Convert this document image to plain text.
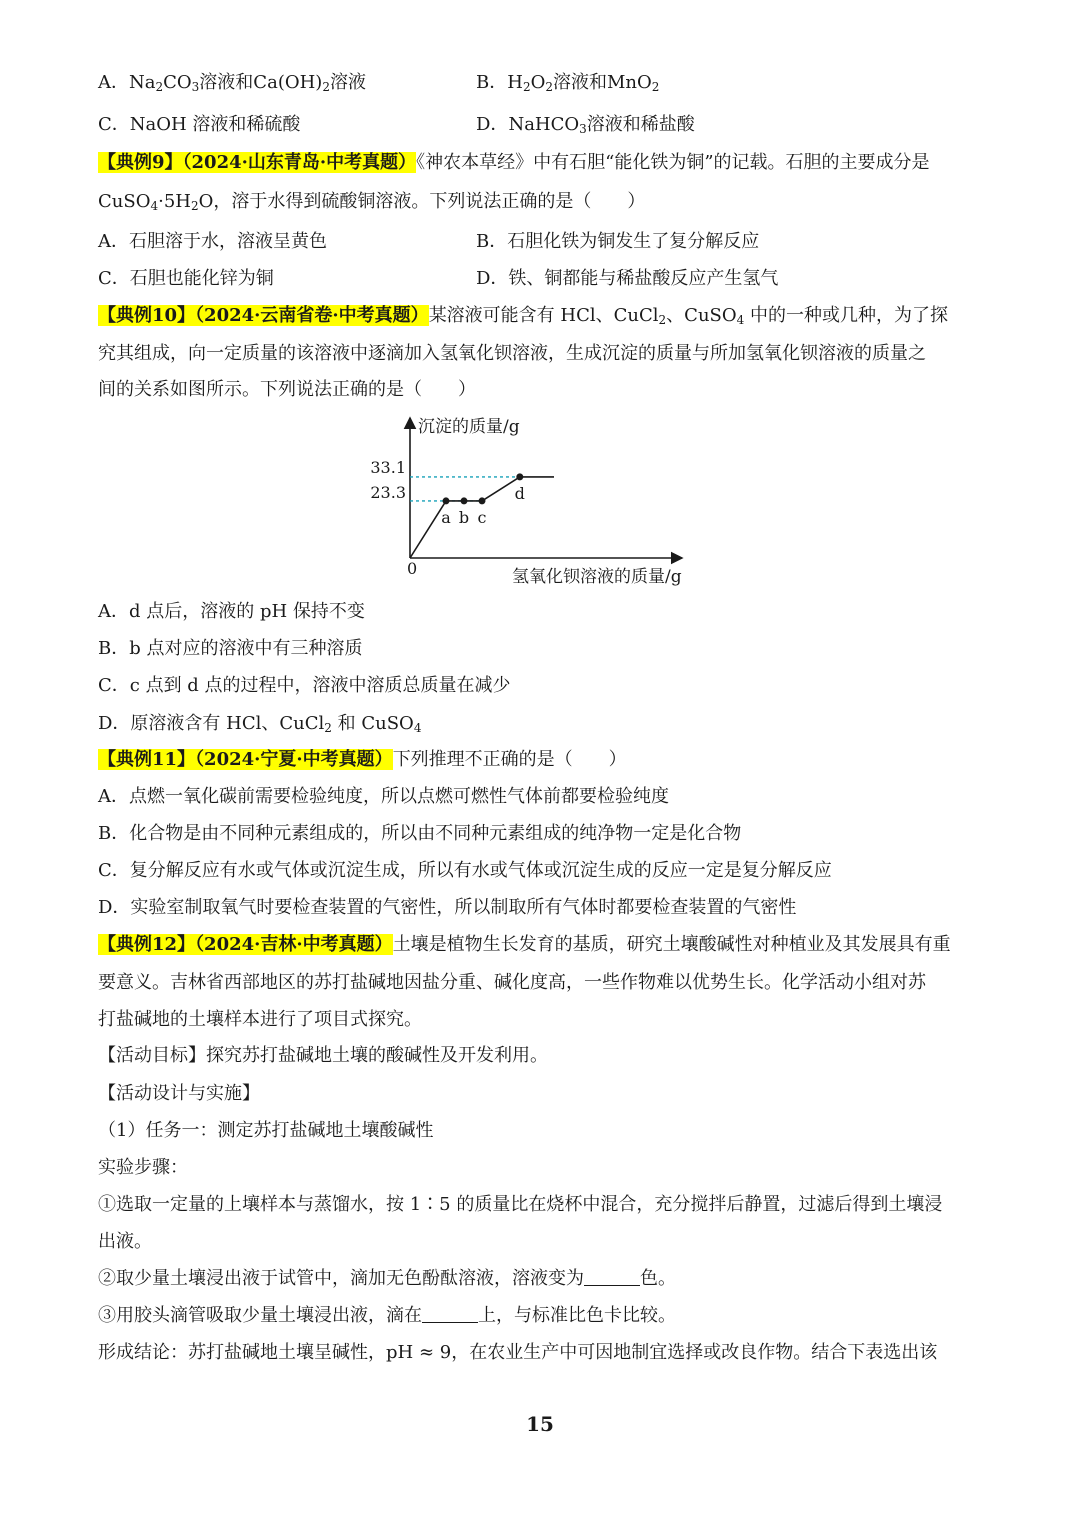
A．$Na_2CO_3$溶液和$Ca(OH)_2$溶液	B．$H_2O_2$溶液和MnO$_2$
C．NaOH 溶液和稀硫酸	D．NaHCO$_3$溶液和稀盐酸
【典例9】（2024·山东青岛·中考真题）《神农本草经》中有石胆“能化铁为铜”的记载。石胆的主要成分是
$CuSO_4\cdot 5H_2O$，溶于水得到硫酸铜溶液。下列说法正确的是（　　）
A．石胆溶于水，溶液呈黄色	B．石胆化铁为铜发生了复分解反应
C．石胆也能化锌为铜	D．铁、铜都能与稀盐酸反应产生氢气
【典例10】（2024·云南省卷·中考真题）某溶液可能含有 HCl、CuCl$_2$、CuSO$_4$ 中的一种或几种，为了探
究其组成，向一定质量的该溶液中逐滴加入氢氧化钡溶液，生成沉淀的质量与所加氢氧化钡溶液的质量之
间的关系如图所示。下列说法正确的是（　　）
沉淀的质量/g
氢氧化钡溶液的质量/g
0
33.1
23.3
a b c
d
A．d 点后，溶液的 pH 保持不变
B．b 点对应的溶液中有三种溶质
C．c 点到 d 点的过程中，溶液中溶质总质量在减少
D．原溶液含有 HCl、CuCl$_2$ 和 CuSO$_4$
【典例11】（2024·宁夏·中考真题）下列推理不正确的是（　　）
A．点燃一氧化碳前需要检验纯度，所以点燃可燃性气体前都要检验纯度
B．化合物是由不同种元素组成的，所以由不同种元素组成的纯净物一定是化合物
C．复分解反应有水或气体或沉淀生成，所以有水或气体或沉淀生成的反应一定是复分解反应
D．实验室制取氧气时要检查装置的气密性，所以制取所有气体时都要检查装置的气密性
【典例12】（2024·吉林·中考真题）土壤是植物生长发育的基质，研究土壤酸碱性对种植业及其发展具有重
要意义。吉林省西部地区的苏打盐碱地因盐分重、碱化度高，一些作物难以优势生长。化学活动小组对苏
打盐碱地的土壤样本进行了项目式探究。
【活动目标】探究苏打盐碱地土壤的酸碱性及开发利用。
【活动设计与实施】
（1）任务一：测定苏打盐碱地土壤酸碱性
实验步骤：
①选取一定量的上壤样本与蒸馏水，按 1∶5 的质量比在烧杯中混合，充分搅拌后静置，过滤后得到土壤浸
出液。
②取少量土壤浸出液于试管中，滴加无色酚酞溶液，溶液变为	色。
③用胶头滴管吸取少量土壤浸出液，滴在	上，与标准比色卡比较。
形成结论：苏打盐碱地土壤呈碱性，pH ≈ 9，在农业生产中可因地制宜选择或改良作物。结合下表选出该
15
